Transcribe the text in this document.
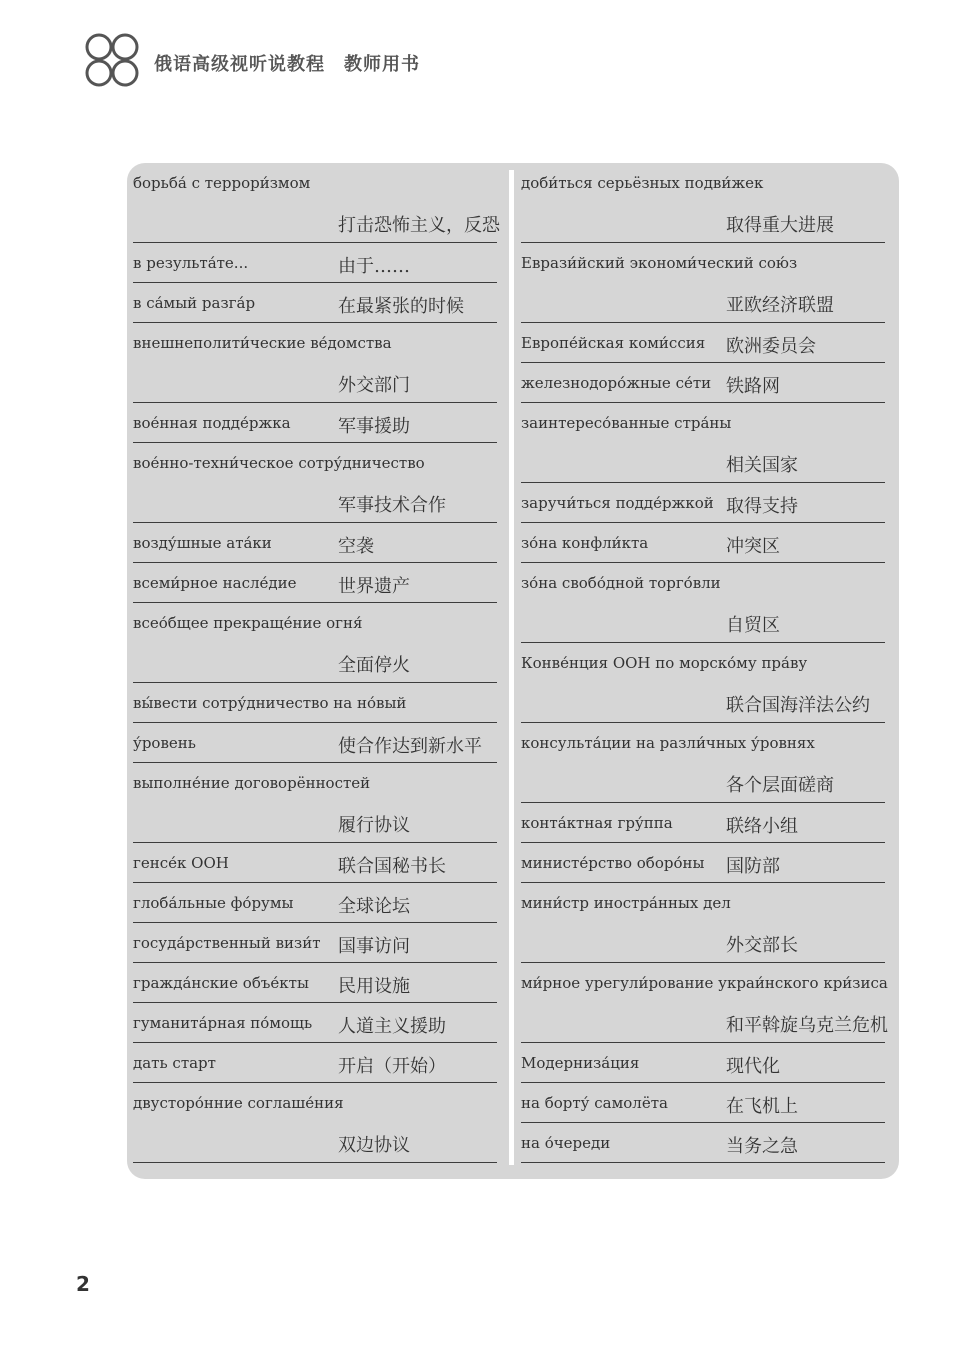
俄语高级视听说教程　教师用书
борьба́ с террори́змом
打击恐怖主义，反恐
в результа́те...	由于……
в са́мый разга́р	在最紧张的时候
внешнеполити́ческие ве́домства
外交部门
вое́нная подде́ржка	军事援助
вое́нно-техни́ческое сотру́дничество
军事技术合作
возду́шные ата́ки	空袭
всеми́рное насле́дие 世界遗产
всео́бщее прекраще́ние огня́
全面停火
вы́вести сотру́дничество на но́вый
у́ровень	使合作达到新水平
выполне́ние договорённостей
履行协议
генсе́к ООН	联合国秘书长
глоба́льные фо́румы 全球论坛
госуда́рственный визи́т 国事访问
гражда́нские объе́кты 民用设施
гуманита́рная по́мощь 人道主义援助
дать старт	开启（开始）
двусторо́нние соглаше́ния
双边协议
доби́ться серьёзных подви́жек
取得重大进展
Еврази́йский экономи́ческий сою́з
亚欧经济联盟
Европе́йская коми́ссия 欧洲委员会
железнодоро́жные се́ти 铁路网
заинтересо́ванные стра́ны
相关国家
заручи́ться подде́ржкой 取得支持
зо́на конфли́кта	冲突区
зо́на свобо́дной торго́вли
自贸区
Конве́нция ООН по морско́му пра́ву
联合国海洋法公约
консульта́ции на разли́чных у́ровнях
各个层面磋商
конта́ктная гру́ппа	联络小组
министе́рство оборо́ны 国防部
мини́стр иностра́нных дел
外交部长
ми́рное урегули́рование украи́нского кри́зиса
和平斡旋乌克兰危机
Модерниза́ция	现代化
на борту́ самолёта	在飞机上
на о́череди	当务之急
2
